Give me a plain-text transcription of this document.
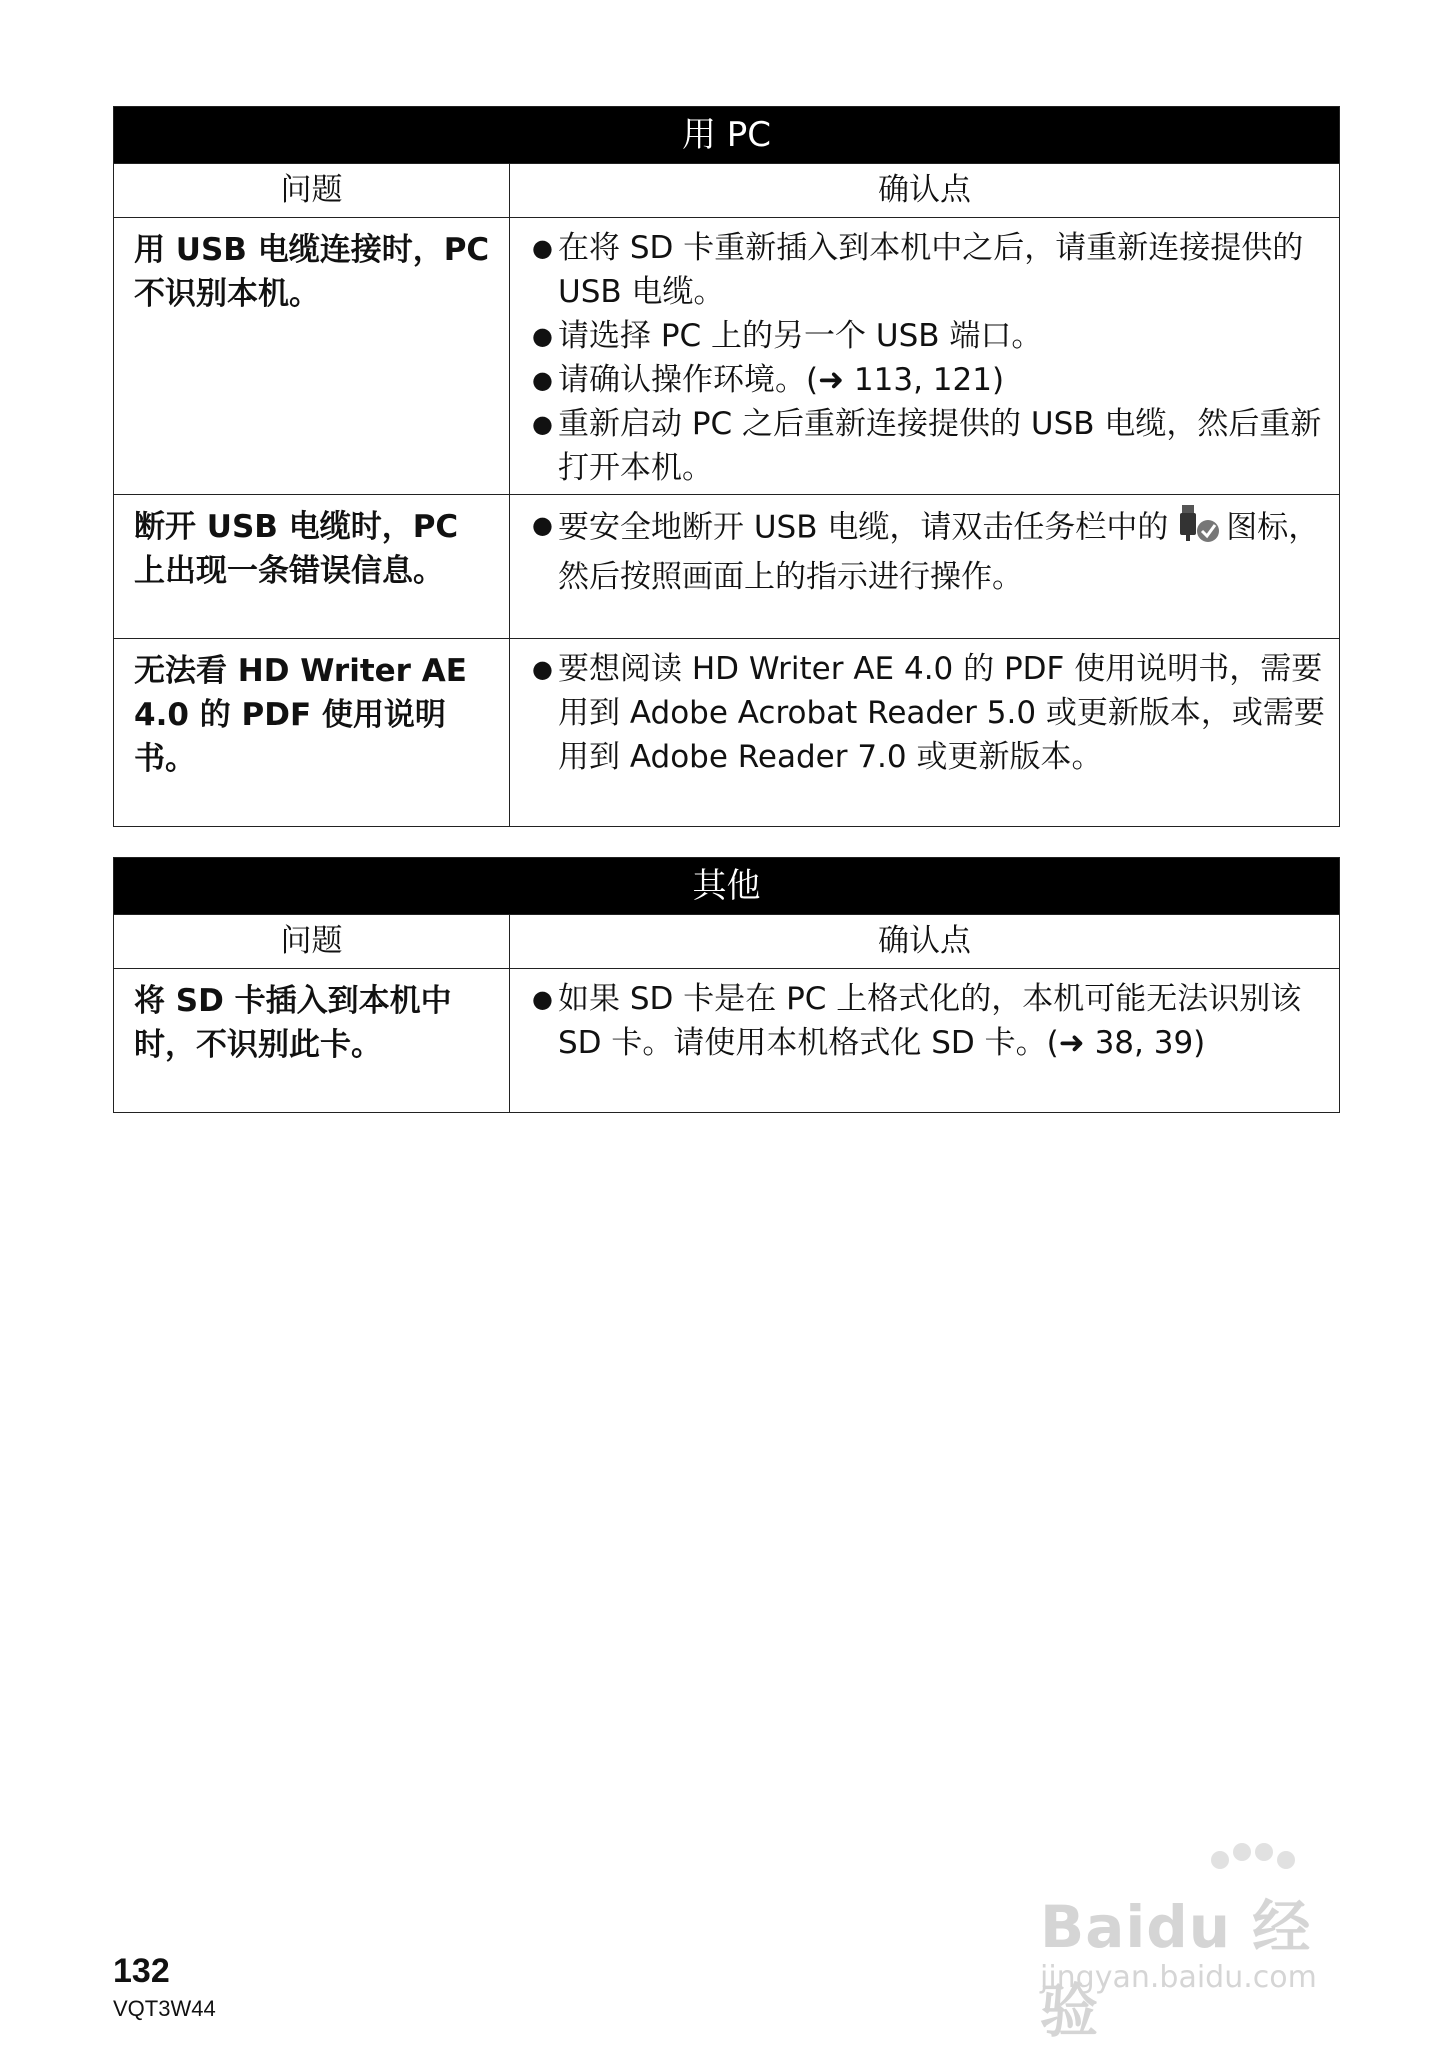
用 PC
问题	确认点
用 USB 电缆连接时，PC 不识别本机。
● 在将 SD 卡重新插入到本机中之后，请重新连接提供的 USB 电缆。
● 请选择 PC 上的另一个 USB 端口。
● 请确认操作环境。(➜ 113, 121)
● 重新启动 PC 之后重新连接提供的 USB 电缆，然后重新打开本机。
断开 USB 电缆时，PC 上出现一条错误信息。
● 要安全地断开 USB 电缆，请双击任务栏中的 图标，然后按照画面上的指示进行操作。
无法看 HD Writer AE 4.0 的 PDF 使用说明书。
● 要想阅读 HD Writer AE 4.0 的 PDF 使用说明书，需要用到 Adobe Acrobat Reader 5.0 或更新版本，或需要用到 Adobe Reader 7.0 或更新版本。
其他
问题	确认点
将 SD 卡插入到本机中时，不识别此卡。
● 如果 SD 卡是在 PC 上格式化的，本机可能无法识别该 SD 卡。请使用本机格式化 SD 卡。(➜ 38, 39)
132
VQT3W44
Baidu 经验
jingyan.baidu.com
